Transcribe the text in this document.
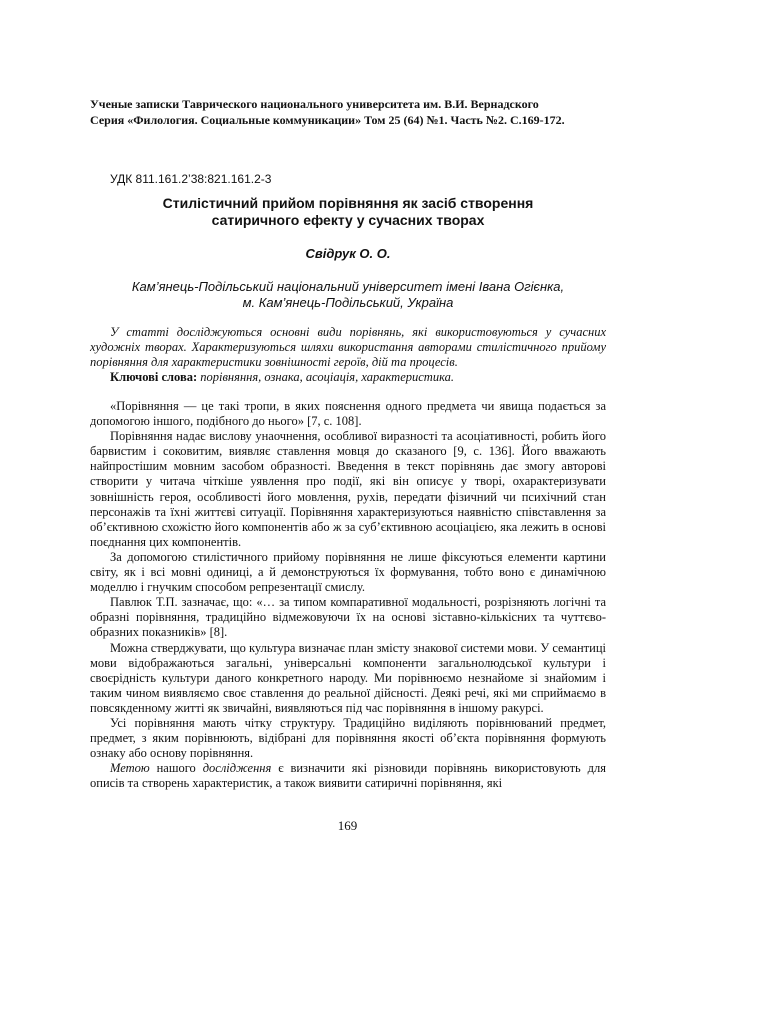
Ученые записки Таврического национального университета им. В.И. Вернадского

Серия «Филология. Социальные коммуникации» Том 25 (64) №1. Часть №2. С.169-172.

УДК 811.161.2’38:821.161.2-3

Стилістичний прийом порівняння як засіб створення
сатиричного ефекту у сучасних творах

Свідрук О. О.

Кам’янець-Подільський національний університет імені Івана Огієнка,
м. Кам’янець-Подільський, Україна

У статті досліджуються основні види порівнянь, які використовуються у сучасних художніх творах. Характеризуються шляхи використання авторами стилістичного прийому порівняння для характеристики зовнішності героїв, дій та процесів.

Ключові слова: порівняння, ознака, асоціація, характеристика.

«Порівняння — це такі тропи, в яких пояснення одного предмета чи явища подається за допомогою іншого, подібного до нього» [7, с. 108].

Порівняння надає вислову унаочнення, особливої виразності та асоціативності, робить його барвистим і соковитим, виявляє ставлення мовця до сказаного [9, с. 136]. Його вважають найпростішим мовним засобом образності. Введення в текст порівнянь дає змогу авторові створити у читача чіткіше уявлення про події, які він описує у творі, охарактеризувати зовнішність героя, особливості його мовлення, рухів, передати фізичний чи психічний стан персонажів та їхні життєві ситуації. Порівняння характеризуються наявністю співставлення за об’єктивною схожістю його компонентів або ж за суб’єктивною асоціацією, яка лежить в основі поєднання цих компонентів.

За допомогою стилістичного прийому порівняння не лише фіксуються елементи картини світу, як і всі мовні одиниці, а й демонструються їх формування, тобто воно є динамічною моделлю і гнучким способом репрезентації смислу.

Павлюк Т.П. зазначає, що: «… за типом компаративної модальності, розрізняють логічні та образні порівняння, традиційно відмежовуючи їх на основі зіставно-кількісних та чуттєво-образних показників» [8].

Можна стверджувати, що культура визначає план змісту знакової системи мови. У семантиці мови відображаються загальні, універсальні компоненти загальнолюдської культури і своєрідність культури даного конкретного народу. Ми порівнюємо незнайоме зі знайомим і таким чином виявляємо своє ставлення до реальної дійсності. Деякі речі, які ми сприймаємо в повсякденному житті як звичайні, виявляються під час порівняння в іншому ракурсі.

Усі порівняння мають чітку структуру. Традиційно виділяють порівнюваний предмет, предмет, з яким порівнюють, відібрані для порівняння якості об’єкта порівняння формують ознаку або основу порівняння.

Метою нашого дослідження є визначити які різновиди порівнянь використовують для описів та створень характеристик, а також виявити сатиричні порівняння, які

169
